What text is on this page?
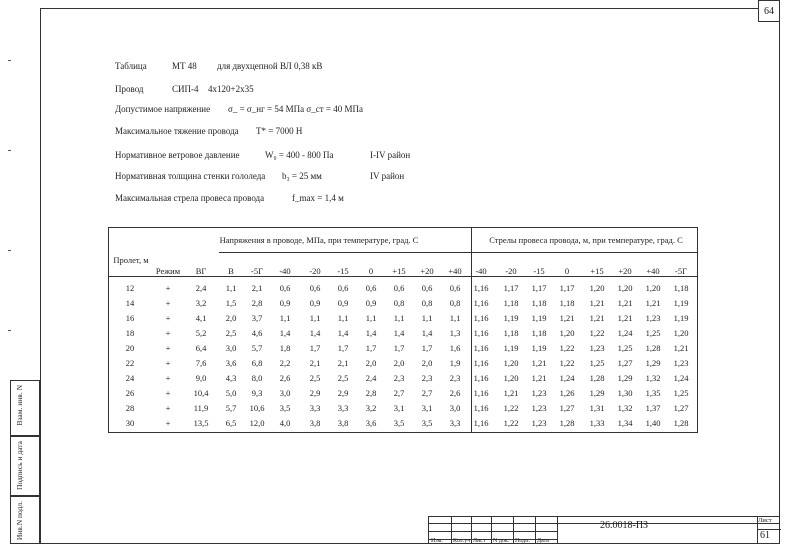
64
Таблица	МТ 48 для двухцепной ВЛ 0,38 кВ
Провод	СИП-4 4х120+2х35
Допустимое напряжение σ_ = σ_нг = 54 МПа σ_ст = 40 МПа
Максимальное тяжение провода T* = 7000 Н
Нормативное ветровое давление	W₀ = 400 - 800 Па	I-IV район
Нормативная толщина стенки гололеда b₃ = 25 мм	IV район
Максимальная стрела провеса провода	f_max = 1,4 м
Напряжения в проводе, МПа, при температуре, град. С	Стрелы провеса провода, м, при температуре, град. С
Пролет, м
Режим	ВГ	В	-5Г	-40	-20	-15	0	+15	+20	+40	-40	-20	-15	0	+15	+20	+40	-5Г
12	+	2,4	1,1	2,1	0,6	0,6	0,6	0,6	0,6	0,6	0,6	1,16	1,17	1,17	1,17	1,20	1,20	1,20	1,18
14	+	3,2	1,5	2,8	0,9	0,9	0,9	0,9	0,8	0,8	0,8	1,16	1,18	1,18	1,18	1,21	1,21	1,21	1,19
16	+	4,1	2,0	3,7	1,1	1,1	1,1	1,1	1,1	1,1	1,1	1,16	1,19	1,19	1,21	1,21	1,21	1,23	1,19
18	+	5,2	2,5	4,6	1,4	1,4	1,4	1,4	1,4	1,4	1,3	1,16	1,18	1,18	1,20	1,22	1,24	1,25	1,20
20	+	6,4	3,0	5,7	1,8	1,7	1,7	1,7	1,7	1,7	1,6	1,16	1,19	1,19	1,22	1,23	1,25	1,28	1,21
22	+	7,6	3,6	6,8	2,2	2,1	2,1	2,0	2,0	2,0	1,9	1,16	1,20	1,21	1,22	1,25	1,27	1,29	1,23
24	+	9,0	4,3	8,0	2,6	2,5	2,5	2,4	2,3	2,3	2,3	1,16	1,20	1,21	1,24	1,28	1,29	1,32	1,24
26	+	10,4	5,0	9,3	3,0	2,9	2,9	2,8	2,7	2,7	2,6	1,16	1,21	1,23	1,26	1,29	1,30	1,35	1,25
28	+	11,9	5,7	10,6	3,5	3,3	3,3	3,2	3,1	3,1	3,0	1,16	1,22	1,23	1,27	1,31	1,32	1,37	1,27
30	+	13,5	6,5	12,0	4,0	3,8	3,8	3,6	3,5	3,5	3,3	1,16	1,22	1,23	1,28	1,33	1,34	1,40	1,28
Взам. инв. N
Подпись и дата
Инв.N подл.
Изм. Кол.уч Лист N док. Подп. Дата
26.0018-ПЗ	Лист
61
